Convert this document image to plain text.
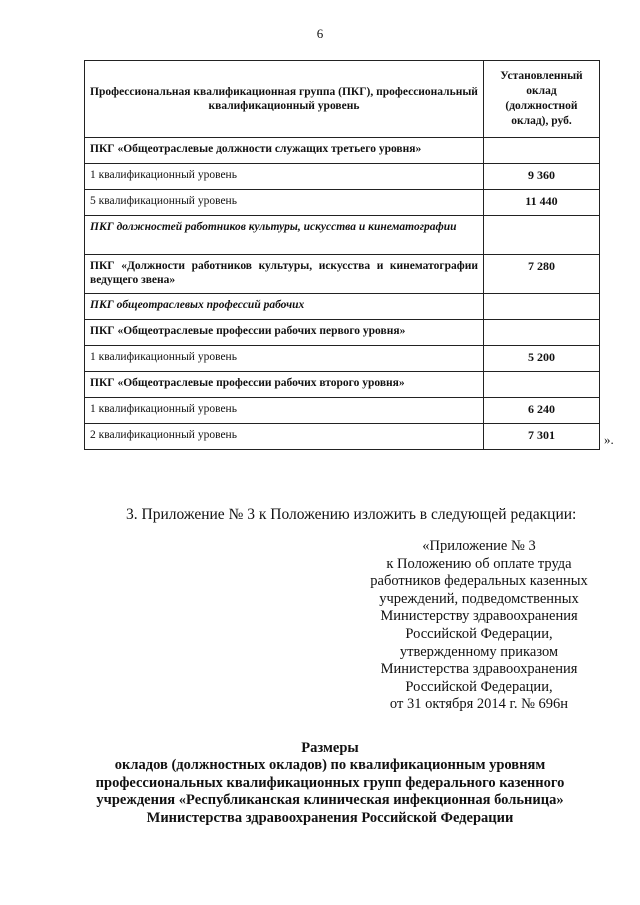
6
Профессиональная квалификационная группа (ПКГ), профессиональный квалификационный уровень	Установленный оклад (должностной оклад), руб.
ПКГ «Общеотраслевые должности служащих третьего уровня»	
1 квалификационный уровень	9 360
5 квалификационный уровень	11 440
ПКГ должностей работников культуры, искусства и кинематографии	
ПКГ «Должности работников культуры, искусства и кинематографии ведущего звена»	7 280
ПКГ общеотраслевых профессий рабочих	
ПКГ «Общеотраслевые профессии рабочих первого уровня»	
1 квалификационный уровень	5 200
ПКГ «Общеотраслевые профессии рабочих второго уровня»	
1 квалификационный уровень	6 240
2 квалификационный уровень	7 301	».
3. Приложение № 3 к Положению изложить в следующей редакции:
«Приложение № 3
к Положению об оплате труда
работников федеральных казенных
учреждений, подведомственных
Министерству здравоохранения
Российской Федерации,
утвержденному приказом
Министерства здравоохранения
Российской Федерации,
от 31 октября 2014 г. № 696н
Размеры
окладов (должностных окладов) по квалификационным уровням
профессиональных квалификационных групп федерального казенного
учреждения «Республиканская клиническая инфекционная больница»
Министерства здравоохранения Российской Федерации
